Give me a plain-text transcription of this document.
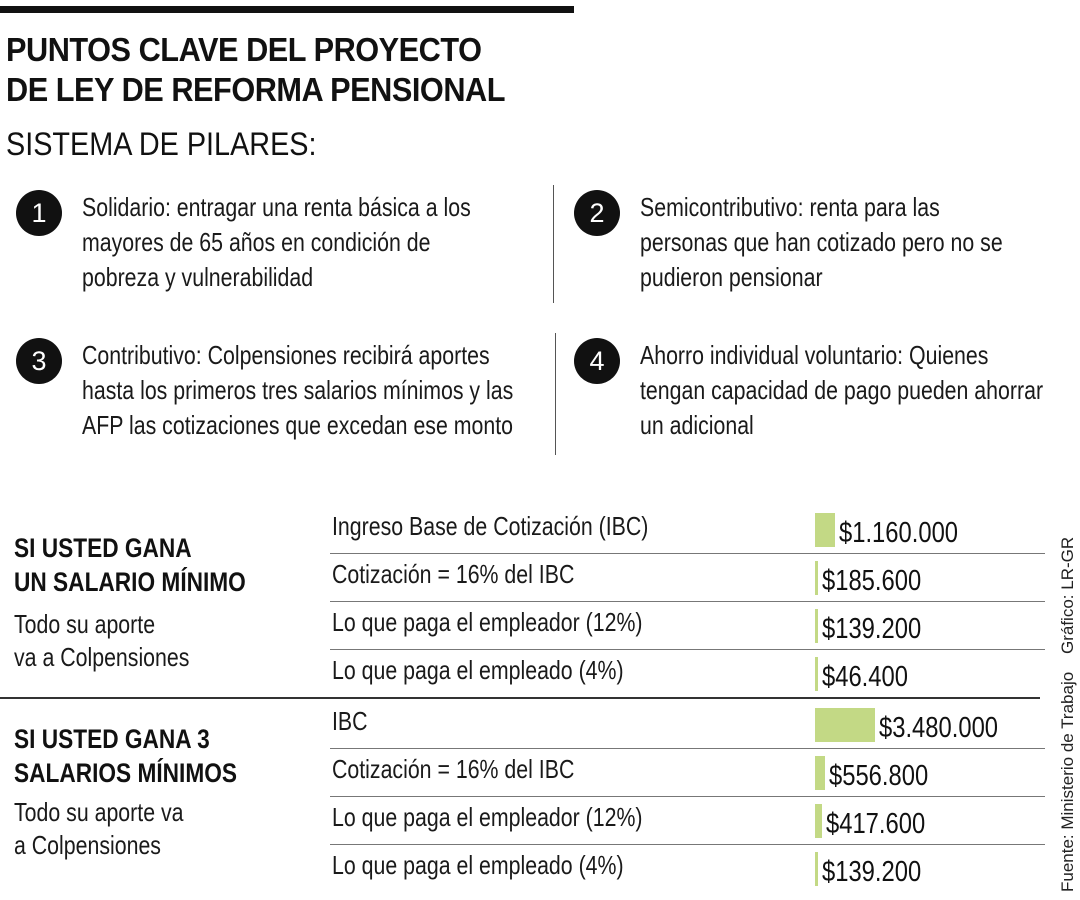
PUNTOS CLAVE DEL PROYECTO
DE LEY DE REFORMA PENSIONAL
SISTEMA DE PILARES:
1	Solidario: entragar una renta básica a los
mayores de 65 años en condición de
pobreza y vulnerabilidad
2	Semicontributivo: renta para las
personas que han cotizado pero no se
pudieron pensionar
3	Contributivo: Colpensiones recibirá aportes
hasta los primeros tres salarios mínimos y las
AFP las cotizaciones que excedan ese monto
4	Ahorro individual voluntario: Quienes
tengan capacidad de pago pueden ahorrar
un adicional
SI USTED GANA
UN SALARIO MÍNIMO
Todo su aporte
va a Colpensiones
SI USTED GANA 3
SALARIOS MÍNIMOS
Todo su aporte va
a Colpensiones
Ingreso Base de Cotización (IBC)	$1.160.000
Cotización = 16% del IBC	$185.600
Lo que paga el empleador (12%)	$139.200
Lo que paga el empleado (4%)	$46.400
IBC	$3.480.000
Cotización = 16% del IBC	$556.800
Lo que paga el empleador (12%)	$417.600
Lo que paga el empleado (4%)	$139.200
Gráfico: LR-GR
Fuente: Ministerio de Trabajo
